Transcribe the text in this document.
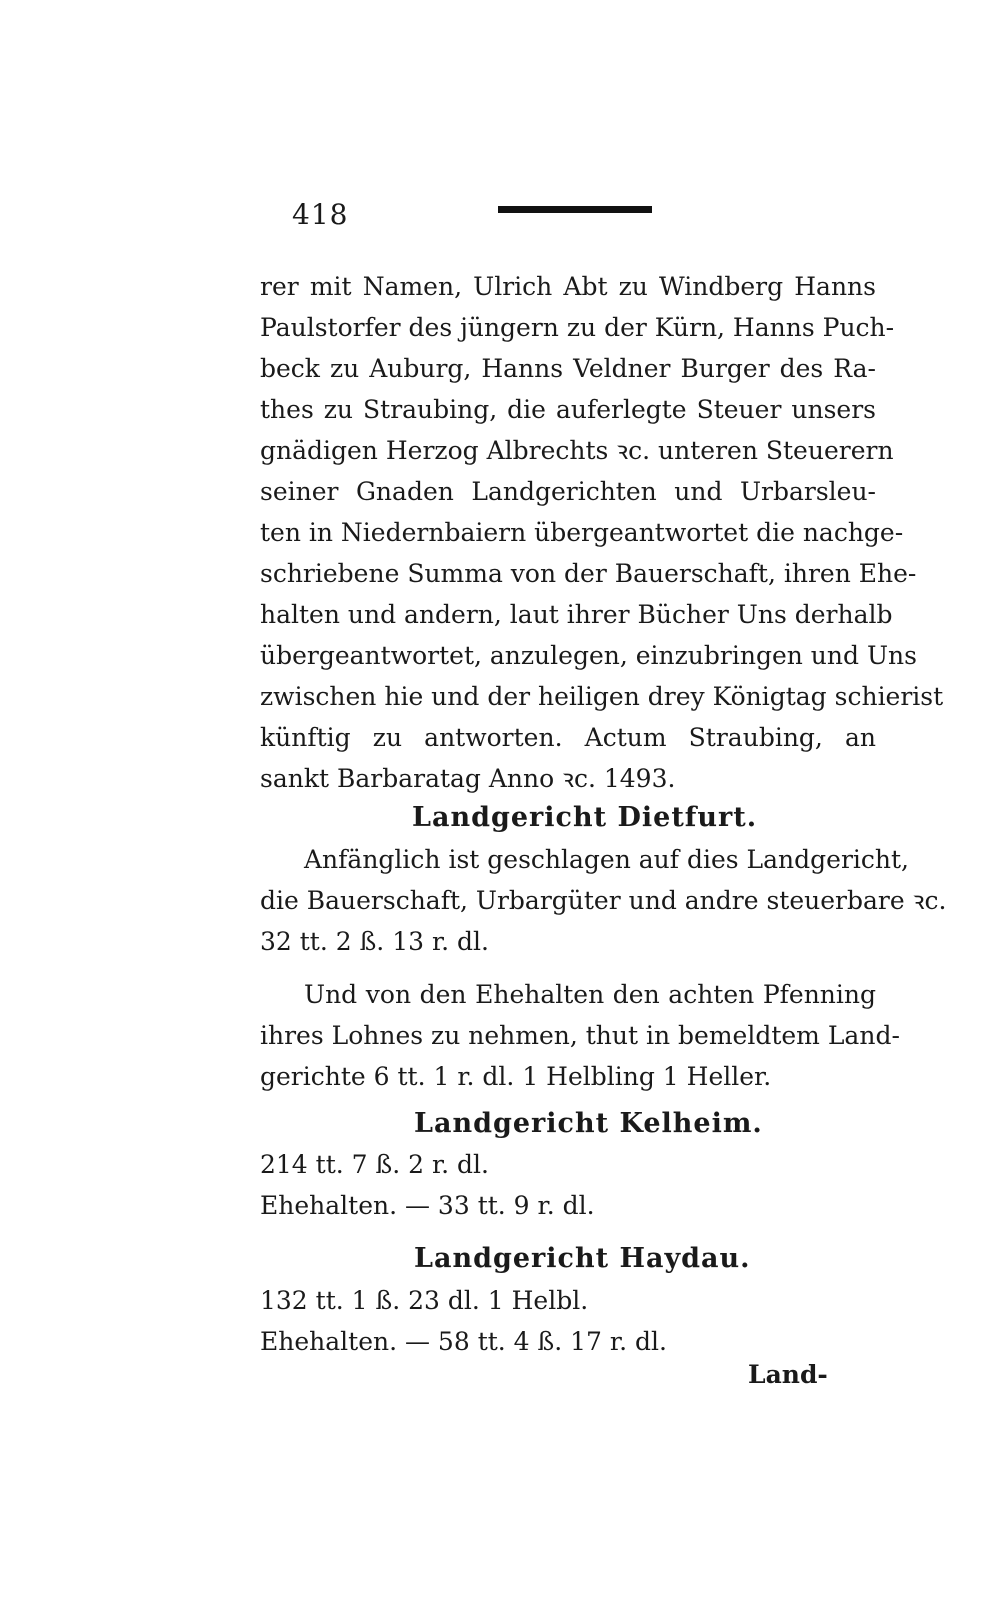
418
rer mit Namen, Ulrich Abt zu Windberg Hanns
Paulstorfer des jüngern zu der Kürn, Hanns Puch-
beck zu Auburg, Hanns Veldner Burger des Ra-
thes zu Straubing, die auferlegte Steuer unsers
gnädigen Herzog Albrechts ꝛc. unteren Steuerern
seiner Gnaden Landgerichten und Urbarsleu-
ten in Niedernbaiern übergeantwortet die nachge-
schriebene Summa von der Bauerschaft, ihren Ehe-
halten und andern, laut ihrer Bücher Uns derhalb
übergeantwortet, anzulegen, einzubringen und Uns
zwischen hie und der heiligen drey Königtag schierist
künftig zu antworten. Actum Straubing, an
sankt Barbaratag Anno ꝛc. 1493.
Landgericht Dietfurt.
Anfänglich ist geschlagen auf dies Landgericht,
die Bauerschaft, Urbargüter und andre steuerbare ꝛc.
32 tt. 2 ß. 13 r. dl.
Und von den Ehehalten den achten Pfenning
ihres Lohnes zu nehmen, thut in bemeldtem Land-
gerichte 6 tt. 1 r. dl. 1 Helbling 1 Heller.
Landgericht Kelheim.
214 tt. 7 ß. 2 r. dl.
Ehehalten. — 33 tt. 9 r. dl.
Landgericht Haydau.
132 tt. 1 ß. 23 dl. 1 Helbl.
Ehehalten. — 58 tt. 4 ß. 17 r. dl.
Land-
